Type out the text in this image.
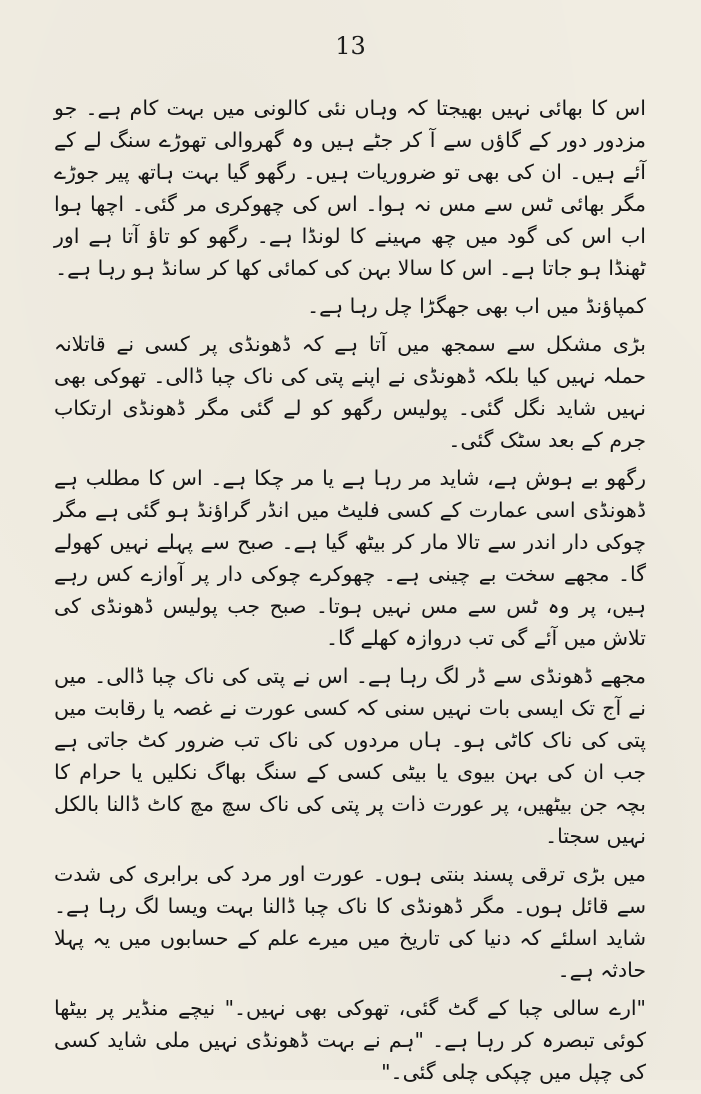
13

اس کا بھائی نہیں بھیجتا کہ وہاں نئی کالونی میں بہت کام ہے۔ جو مزدور دور کے گاؤں سے آ کر جٹے ہیں وہ گھروالی تھوڑے سنگ لے کے آئے ہیں۔ ان کی بھی تو ضروریات ہیں۔ رگھو گیا بہت ہاتھ پیر جوڑے مگر بھائی ٹس سے مس نہ ہوا۔ اس کی چھوکری مر گئی۔ اچھا ہوا اب اس کی گود میں چھ مہینے کا لونڈا ہے۔ رگھو کو تاؤ آتا ہے اور ٹھنڈا ہو جاتا ہے۔ اس کا سالا بہن کی کمائی کھا کر سانڈ ہو رہا ہے۔

کمپاؤنڈ میں اب بھی جھگڑا چل رہا ہے۔

بڑی مشکل سے سمجھ میں آتا ہے کہ ڈھونڈی پر کسی نے قاتلانہ حملہ نہیں کیا بلکہ ڈھونڈی نے اپنے پتی کی ناک چبا ڈالی۔ تھوکی بھی نہیں شاید نگل گئی۔ پولیس رگھو کو لے گئی مگر ڈھونڈی ارتکاب جرم کے بعد سٹک گئی۔

رگھو بے ہوش ہے، شاید مر رہا ہے یا مر چکا ہے۔ اس کا مطلب ہے ڈھونڈی اسی عمارت کے کسی فلیٹ میں انڈر گراؤنڈ ہو گئی ہے مگر چوکی دار اندر سے تالا مار کر بیٹھ گیا ہے۔ صبح سے پہلے نہیں کھولے گا۔ مجھے سخت بے چینی ہے۔ چھوکرے چوکی دار پر آوازے کس رہے ہیں، پر وہ ٹس سے مس نہیں ہوتا۔ صبح جب پولیس ڈھونڈی کی تلاش میں آئے گی تب دروازہ کھلے گا۔

مجھے ڈھونڈی سے ڈر لگ رہا ہے۔ اس نے پتی کی ناک چبا ڈالی۔ میں نے آج تک ایسی بات نہیں سنی کہ کسی عورت نے غصہ یا رقابت میں پتی کی ناک کاٹی ہو۔ ہاں مردوں کی ناک تب ضرور کٹ جاتی ہے جب ان کی بہن بیوی یا بیٹی کسی کے سنگ بھاگ نکلیں یا حرام کا بچہ جن بیٹھیں، پر عورت ذات پر پتی کی ناک سچ مچ کاٹ ڈالنا بالکل نہیں سجتا۔

میں بڑی ترقی پسند بنتی ہوں۔ عورت اور مرد کی برابری کی شدت سے قائل ہوں۔ مگر ڈھونڈی کا ناک چبا ڈالنا بہت ویسا لگ رہا ہے۔ شاید اسلئے کہ دنیا کی تاریخ میں میرے علم کے حسابوں میں یہ پہلا حادثہ ہے۔

"ارے سالی چبا کے گٹ گئی، تھوکی بھی نہیں۔" نیچے منڈیر پر بیٹھا کوئی تبصرہ کر رہا ہے۔ "ہم نے بہت ڈھونڈی نہیں ملی شاید کسی کی چپل میں چپکی چلی گئی۔"
